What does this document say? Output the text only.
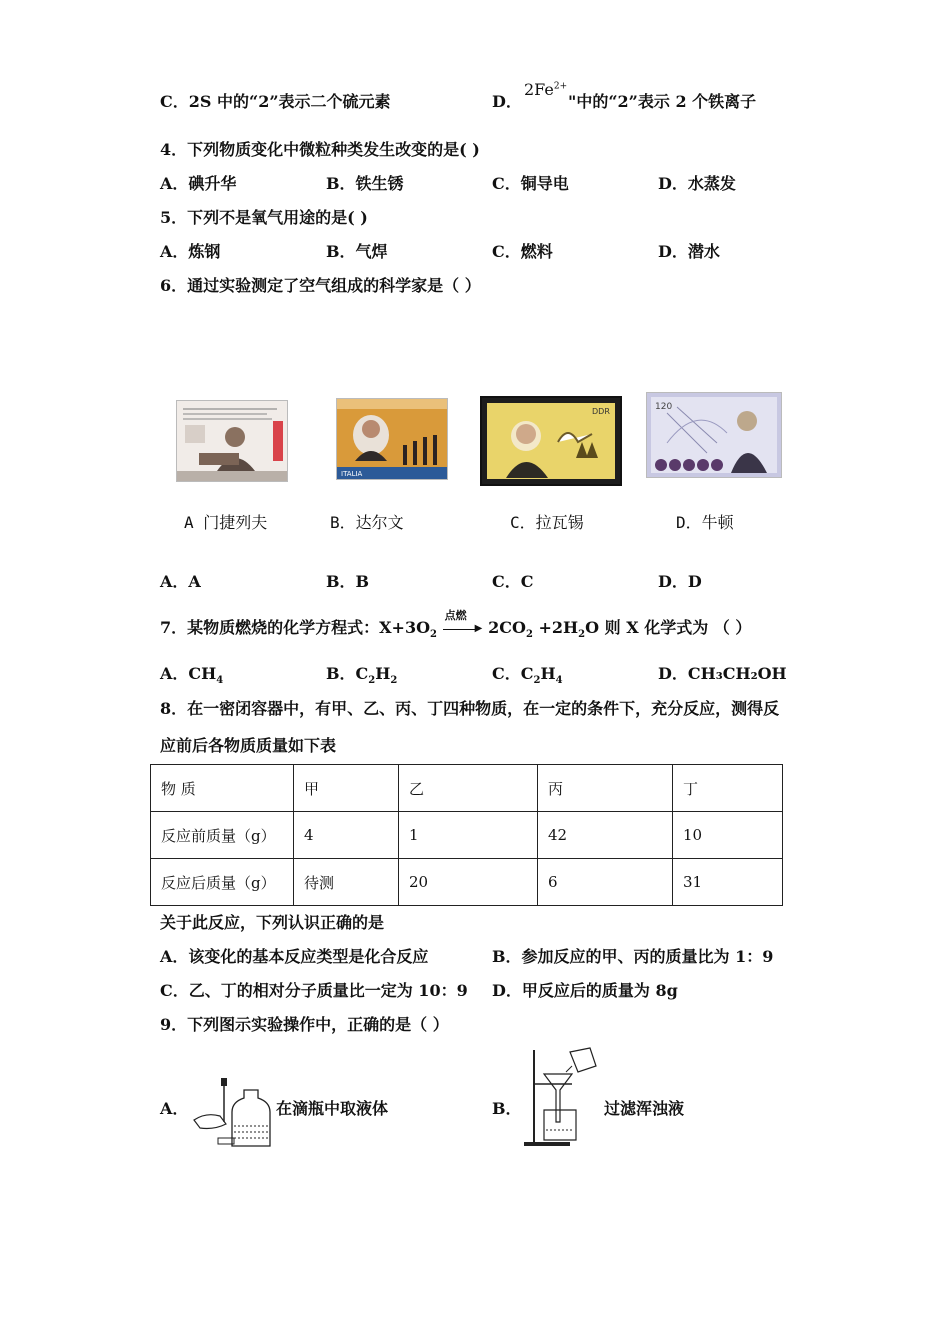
C．2S 中的“2”表示二个硫元素	D．
$2Fe^{2+}$
"中的“2”表示 2 个铁离子
4．下列物质变化中微粒种类发生改变的是( )
A．碘升华	B．铁生锈	C．铜导电	D．水蒸发
5．下列不是氧气用途的是( )
A．炼钢	B．气焊	C．燃料	D．潜水
6．通过实验测定了空气组成的科学家是（ ）
ITALIA
DDR	120
A 门捷列夫	B．达尔文	C．拉瓦锡	D．牛顿
A．A	B．B	C．C	D．D
7．某物质燃烧的化学方程式：$X+3O_2$
点燃
▶ $2CO_2 +2H_2O$ 则 X 化学式为 （ ）
A．$CH_4$	B．$C_2H_2$	C．$C_2H_4$	D．CH₃CH₂OH
8．在一密闭容器中，有甲、乙、丙、丁四种物质，在一定的条件下，充分反应，测得反
应前后各物质质量如下表
物 质	甲	乙	丙	丁
反应前质量（g）	4	1	42	10
反应后质量（g）	待测	20	6	31
关于此反应，下列认识正确的是
A．该变化的基本反应类型是化合反应	B．参加反应的甲、丙的质量比为 1：9
C．乙、丁的相对分子质量比一定为 10：9 D．甲反应后的质量为 8g
9．下列图示实验操作中，正确的是（ ）
A．	在滴瓶中取液体	B．	过滤浑浊液
